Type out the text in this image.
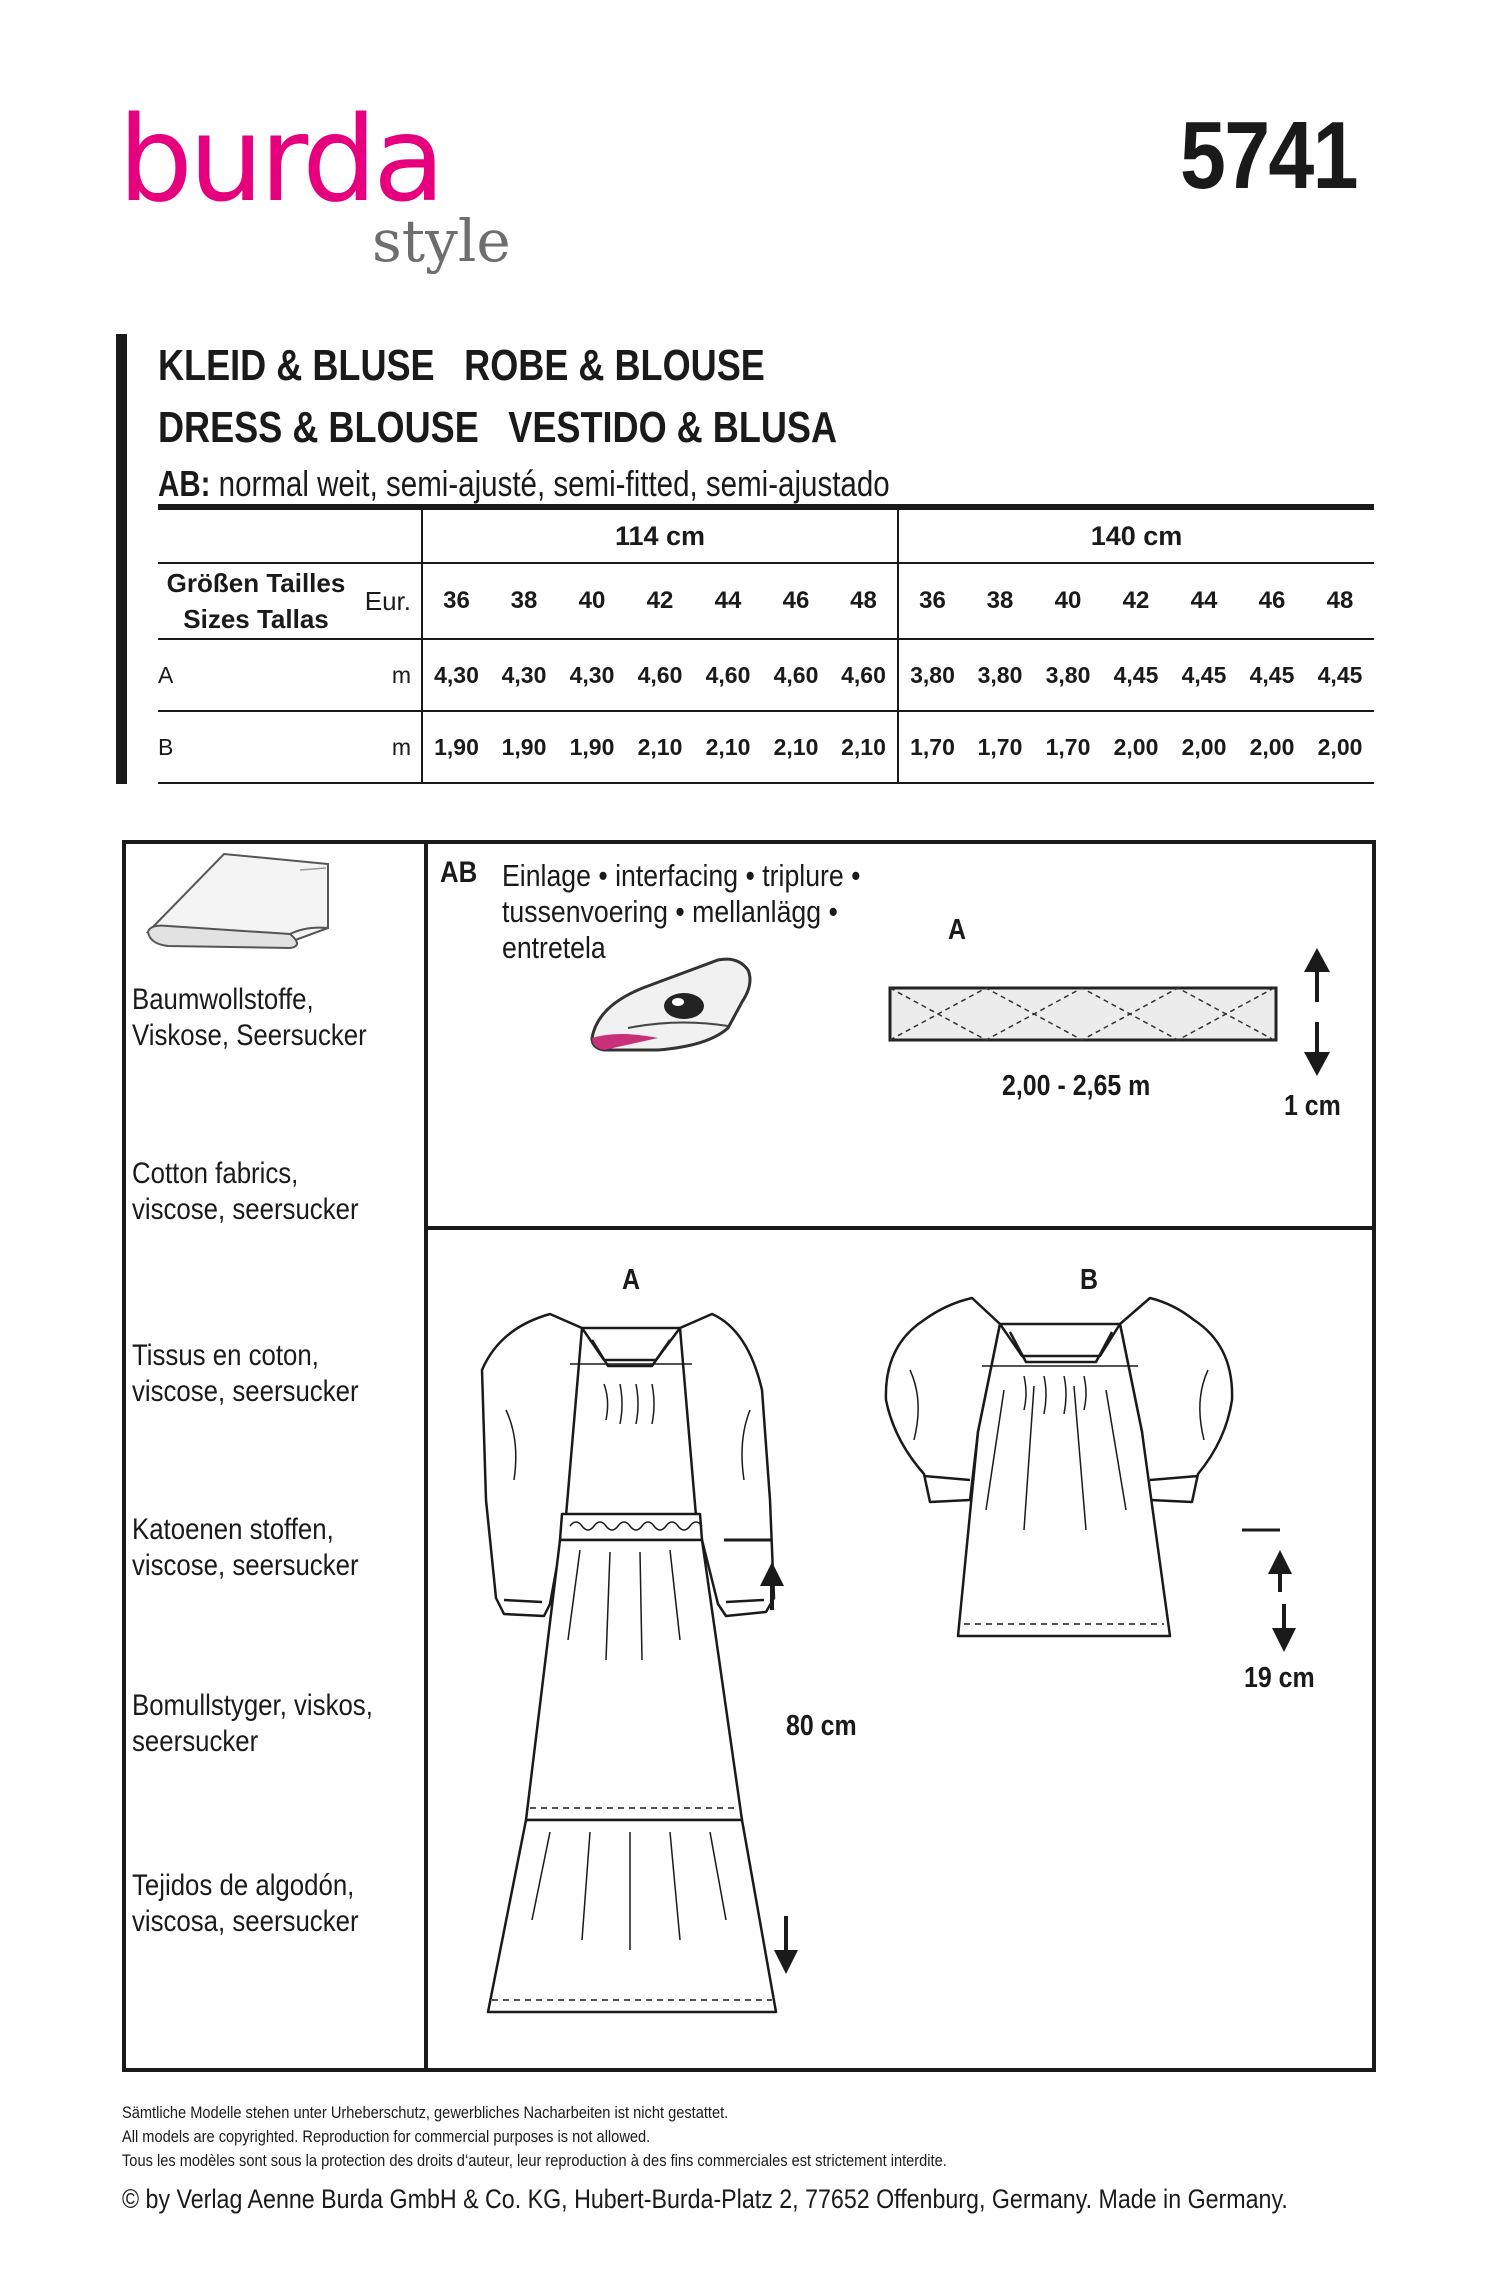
burda
style
5741
KLEID & BLUSE ROBE & BLOUSE
DRESS & BLOUSE VESTIDO & BLUSA
AB: normal weit, semi-ajusté, semi-fitted, semi-ajustado
		114 cm							140 cm						

Größen Tailles
Sizes Tallas	Eur.	36	38	40	42	44	46	48	36	38	40	42	44	46	48
A	m	4,30	4,30	4,30	4,60	4,60	4,60	4,60	3,80	3,80	3,80	4,45	4,45	4,45	4,45
B	m	1,90	1,90	1,90	2,10	2,10	2,10	2,10	1,70	1,70	1,70	2,00	2,00	2,00	2,00
Baumwollstoffe,
Viskose, Seersucker
Cotton fabrics,
viscose, seersucker
Tissus en coton,
viscose, seersucker
Katoenen stoffen,
viscose, seersucker
Bomullstyger, viskos,
seersucker
Tejidos de algodón,
viscosa, seersucker
AB Einlage • interfacing • triplure •
tussenvoering • mellanlägg •
entretela	A
2,00 - 2,65 m
1 cm
A	B
80 cm
19 cm
Sämtliche Modelle stehen unter Urheberschutz, gewerbliches Nacharbeiten ist nicht gestattet.
All models are copyrighted. Reproduction for commercial purposes is not allowed.
Tous les modèles sont sous la protection des droits d‘auteur, leur reproduction à des fins commerciales est strictement interdite.
© by Verlag Aenne Burda GmbH & Co. KG, Hubert-Burda-Platz 2, 77652 Offenburg, Germany. Made in Germany.
